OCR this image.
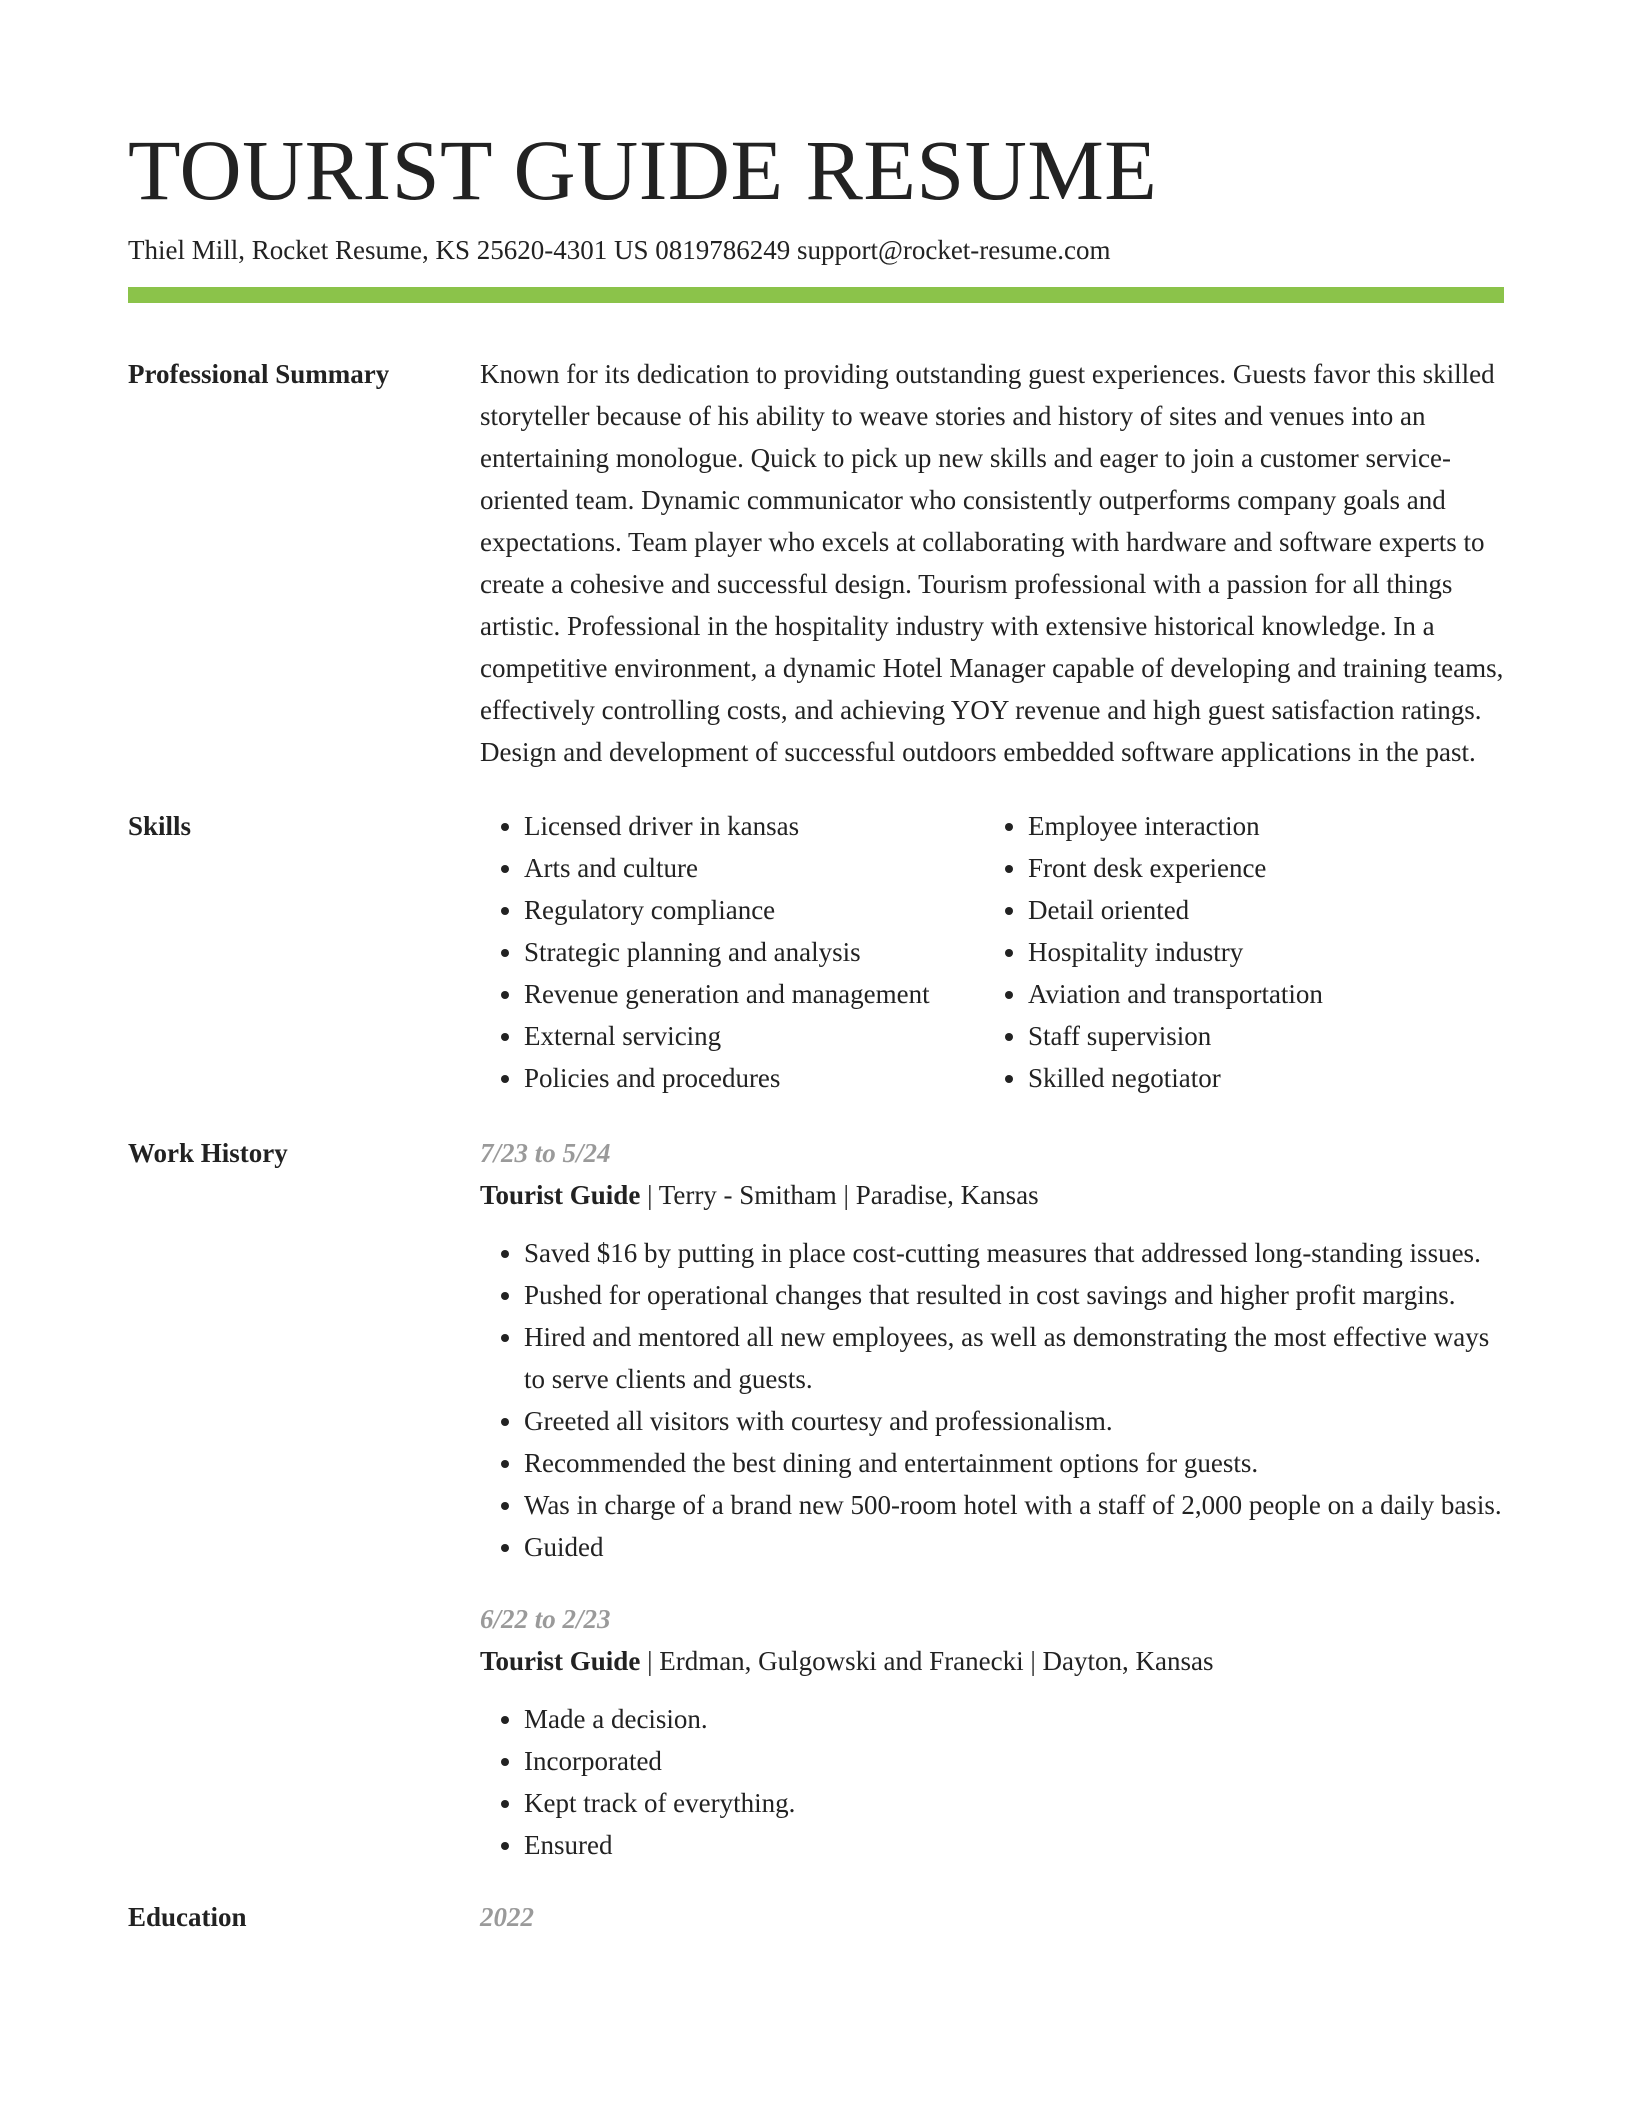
TOURIST GUIDE RESUME
Thiel Mill, Rocket Resume, KS 25620-4301 US 0819786249 support@rocket-resume.com
Professional Summary	Known for its dedication to providing outstanding guest experiences. Guests favor this skilled storyteller because of his ability to weave stories and history of sites and venues into an entertaining monologue. Quick to pick up new skills and eager to join a customer service-oriented team. Dynamic communicator who consistently outperforms company goals and expectations. Team player who excels at collaborating with hardware and software experts to create a cohesive and successful design. Tourism professional with a passion for all things artistic. Professional in the hospitality industry with extensive historical knowledge. In a competitive environment, a dynamic Hotel Manager capable of developing and training teams, effectively controlling costs, and achieving YOY revenue and high guest satisfaction ratings. Design and development of successful outdoors embedded software applications in the past.

Skills
•	Licensed driver in kansas
• Arts and culture
• Regulatory compliance
• Strategic planning and analysis
• Revenue generation and management
• External servicing
• Policies and procedures
• Employee interaction
• Front desk experience
• Detail oriented
• Hospitality industry
• Aviation and transportation
• Staff supervision
• Skilled negotiator
Work History	7/23 to 5/24
Tourist Guide | Terry - Smitham | Paradise, Kansas
• Saved $16 by putting in place cost-cutting measures that addressed long-standing issues.
• Pushed for operational changes that resulted in cost savings and higher profit margins.
• Hired and mentored all new employees, as well as demonstrating the most effective ways to serve clients and guests.
• Greeted all visitors with courtesy and professionalism.
• Recommended the best dining and entertainment options for guests.
• Was in charge of a brand new 500-room hotel with a staff of 2,000 people on a daily basis.
• Guided
6/22 to 2/23
Tourist Guide | Erdman, Gulgowski and Franecki | Dayton, Kansas
• Made a decision.
• Incorporated
• Kept track of everything.
• Ensured
Education	2022
